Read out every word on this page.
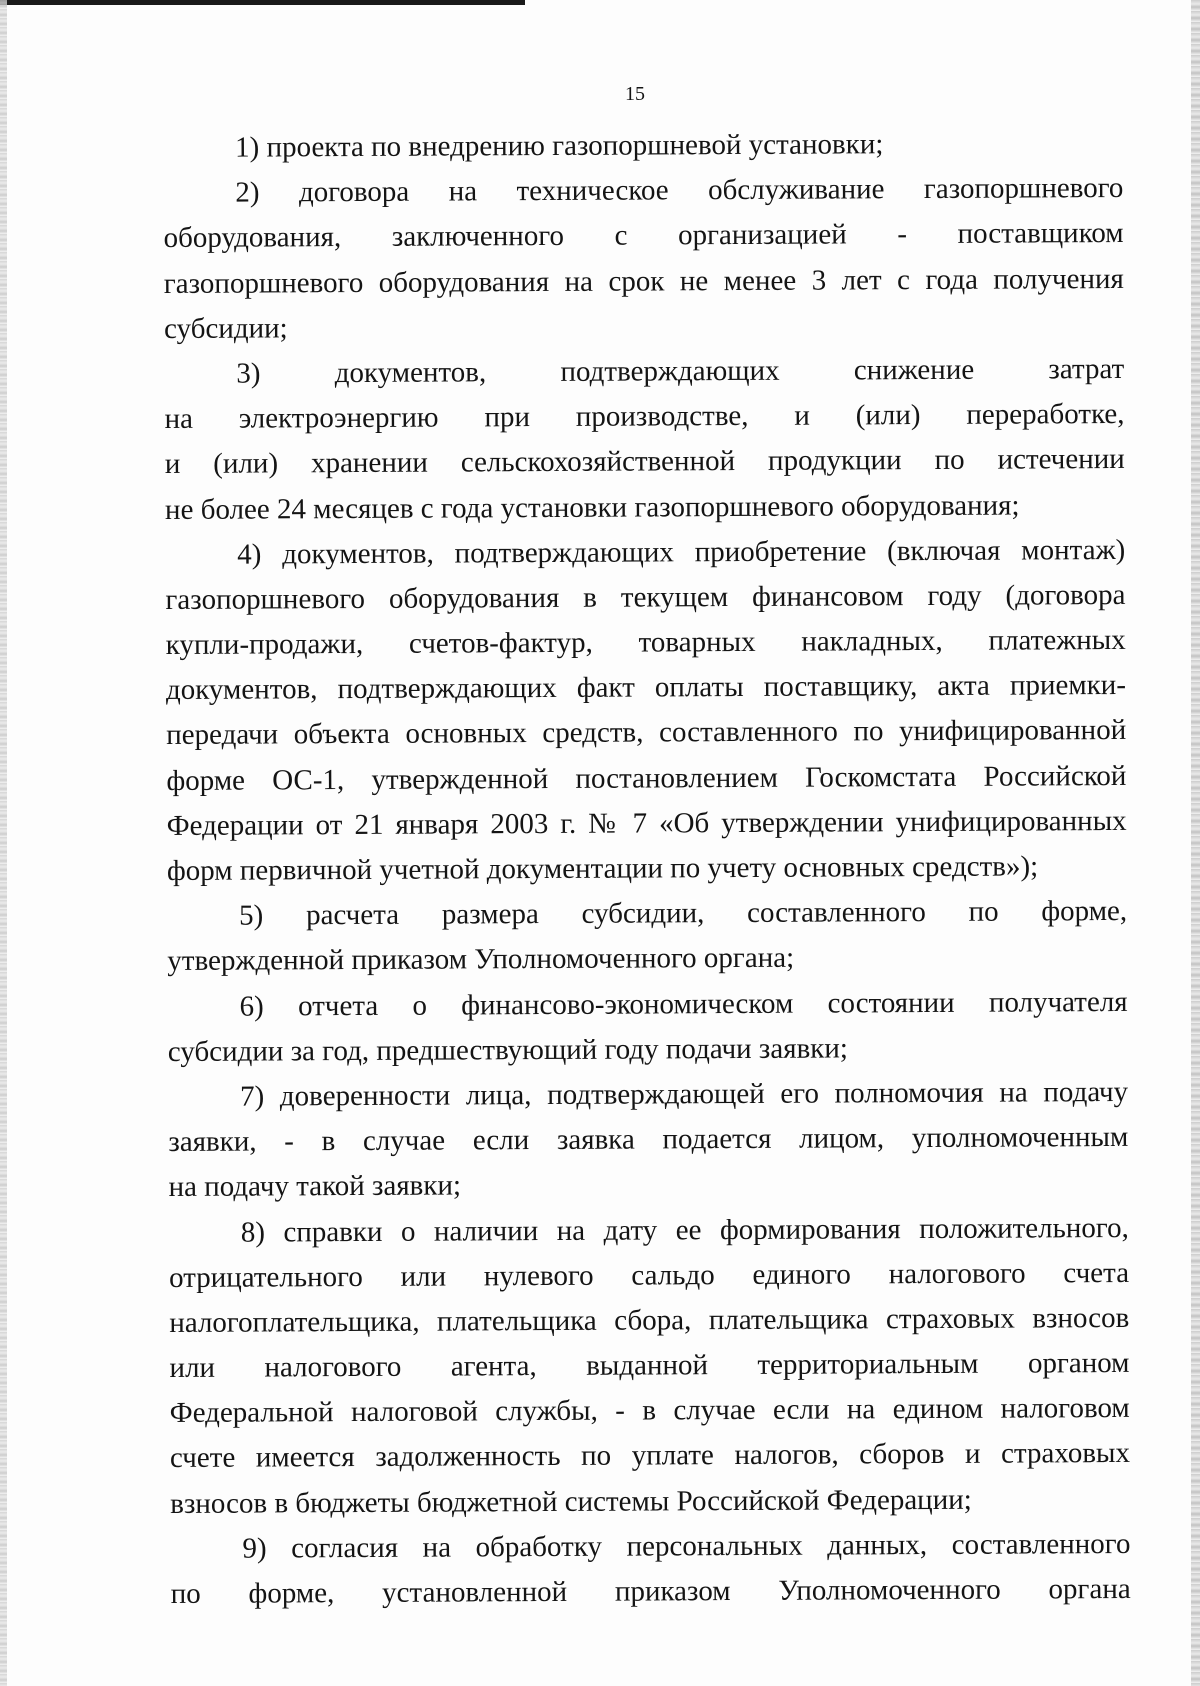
15
1) проекта по внедрению газопоршневой установки;
2) договора на техническое обслуживание газопоршневого
оборудования, заключенного с организацией - поставщиком
газопоршневого оборудования на срок не менее 3 лет с года получения
субсидии;
3) документов, подтверждающих снижение затрат
на электроэнергию при производстве, и (или) переработке,
и (или) хранении сельскохозяйственной продукции по истечении
не более 24 месяцев с года установки газопоршневого оборудования;
4) документов, подтверждающих приобретение (включая монтаж)
газопоршневого оборудования в текущем финансовом году (договора
купли-продажи, счетов-фактур, товарных накладных, платежных
документов, подтверждающих факт оплаты поставщику, акта приемки-
передачи объекта основных средств, составленного по унифицированной
форме ОС-1, утвержденной постановлением Госкомстата Российской
Федерации от 21 января 2003 г. № 7 «Об утверждении унифицированных
форм первичной учетной документации по учету основных средств»);
5) расчета размера субсидии, составленного по форме,
утвержденной приказом Уполномоченного органа;
6) отчета о финансово-экономическом состоянии получателя
субсидии за год, предшествующий году подачи заявки;
7) доверенности лица, подтверждающей его полномочия на подачу
заявки, - в случае если заявка подается лицом, уполномоченным
на подачу такой заявки;
8) справки о наличии на дату ее формирования положительного,
отрицательного или нулевого сальдо единого налогового счета
налогоплательщика, плательщика сбора, плательщика страховых взносов
или налогового агента, выданной территориальным органом
Федеральной налоговой службы, - в случае если на едином налоговом
счете имеется задолженность по уплате налогов, сборов и страховых
взносов в бюджеты бюджетной системы Российской Федерации;
9) согласия на обработку персональных данных, составленного
по форме, установленной приказом Уполномоченного органа
